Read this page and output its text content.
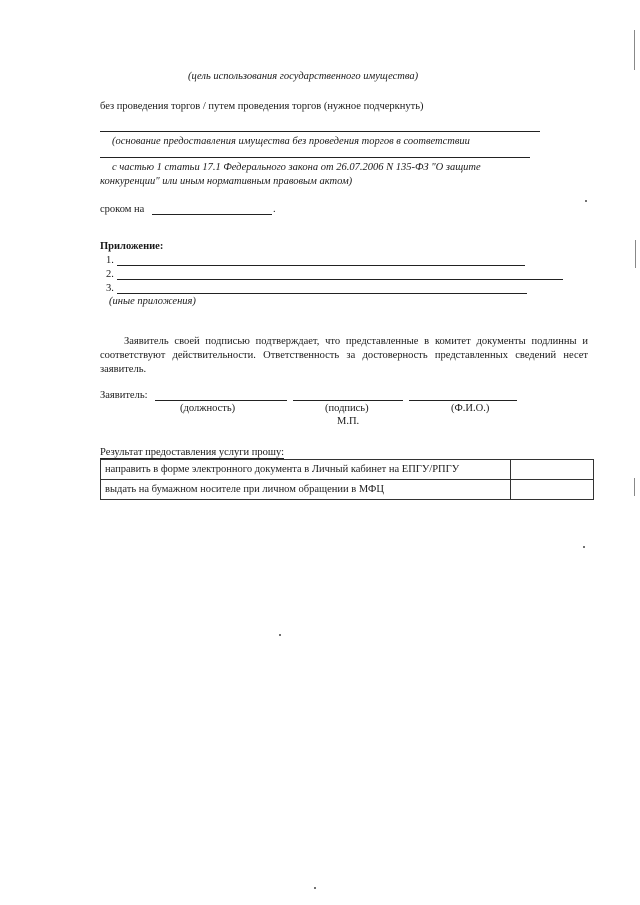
(цель использования государственного имущества)
без проведения торгов / путем проведения торгов (нужное подчеркнуть)
(основание предоставления имущества без проведения торгов в соответствии
с частью 1 статьи 17.1 Федерального закона от 26.07.2006 N 135-ФЗ "О защите
конкуренции" или иным нормативным правовым актом)
сроком на	.
Приложение:
1.
2.
3.
(иные приложения)
Заявитель своей подписью подтверждает, что представленные в комитет документы подлинны и соответствуют действительности. Ответственность за достоверность представленных сведений несет заявитель.
Заявитель:
(должность)	(подпись)	(Ф.И.О.)
М.П.
Результат предоставления услуги прошу:
направить в форме электронного документа в Личный кабинет на ЕПГУ/РПГУ	
выдать на бумажном носителе при личном обращении в МФЦ	
